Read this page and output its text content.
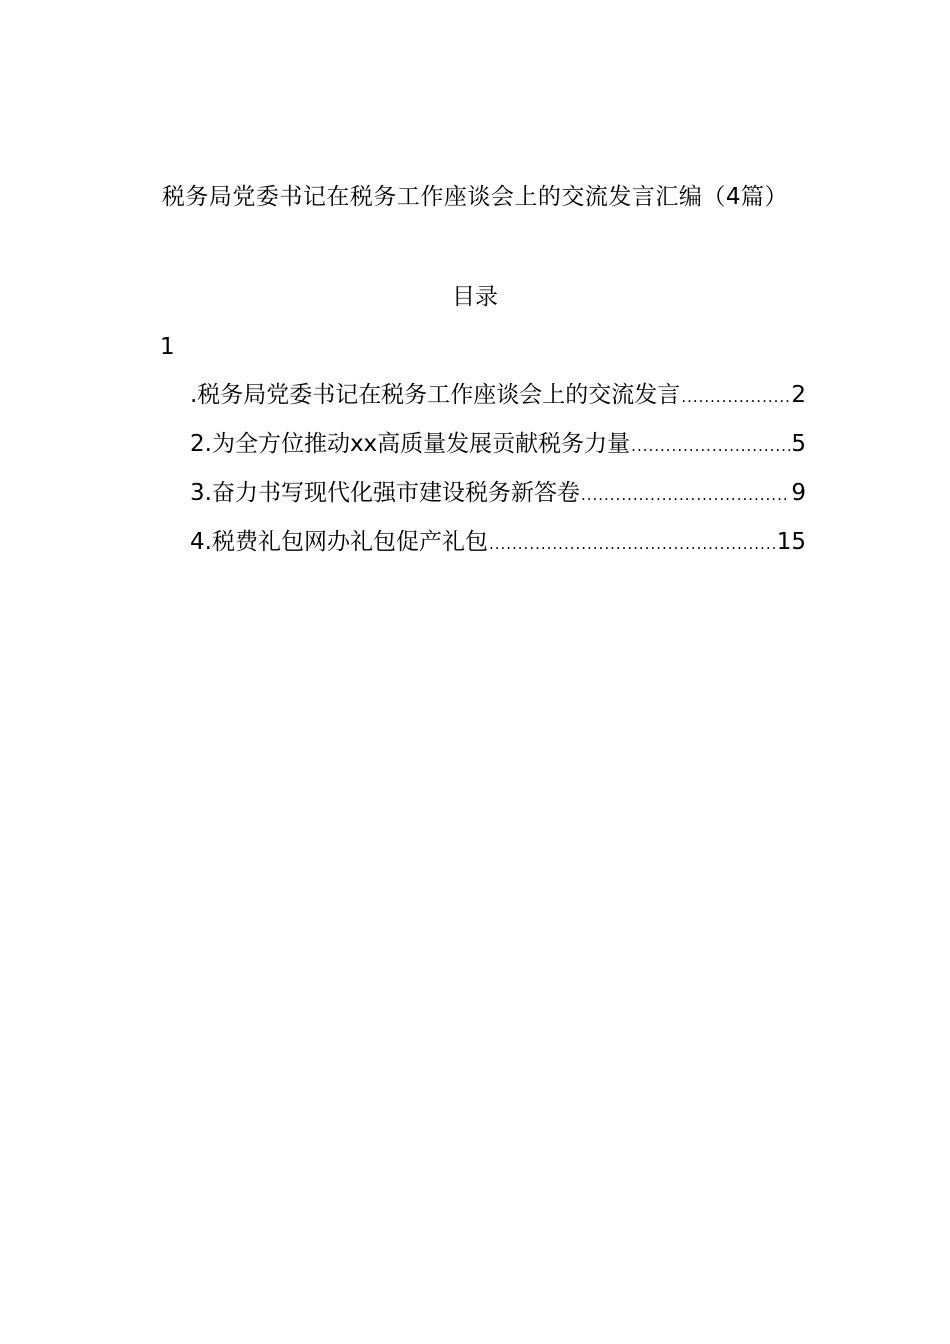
税务局党委书记在税务工作座谈会上的交流发言汇编（4篇）
目录
1
.税务局党委书记在税务工作座谈会上的交流发言 .....	2
2.为全方位推动xx高质量发展贡献税务力量 .....	5
3.奋力书写现代化强市建设税务新答卷 .....	9
4.税费礼包网办礼包促产礼包 .....	15
